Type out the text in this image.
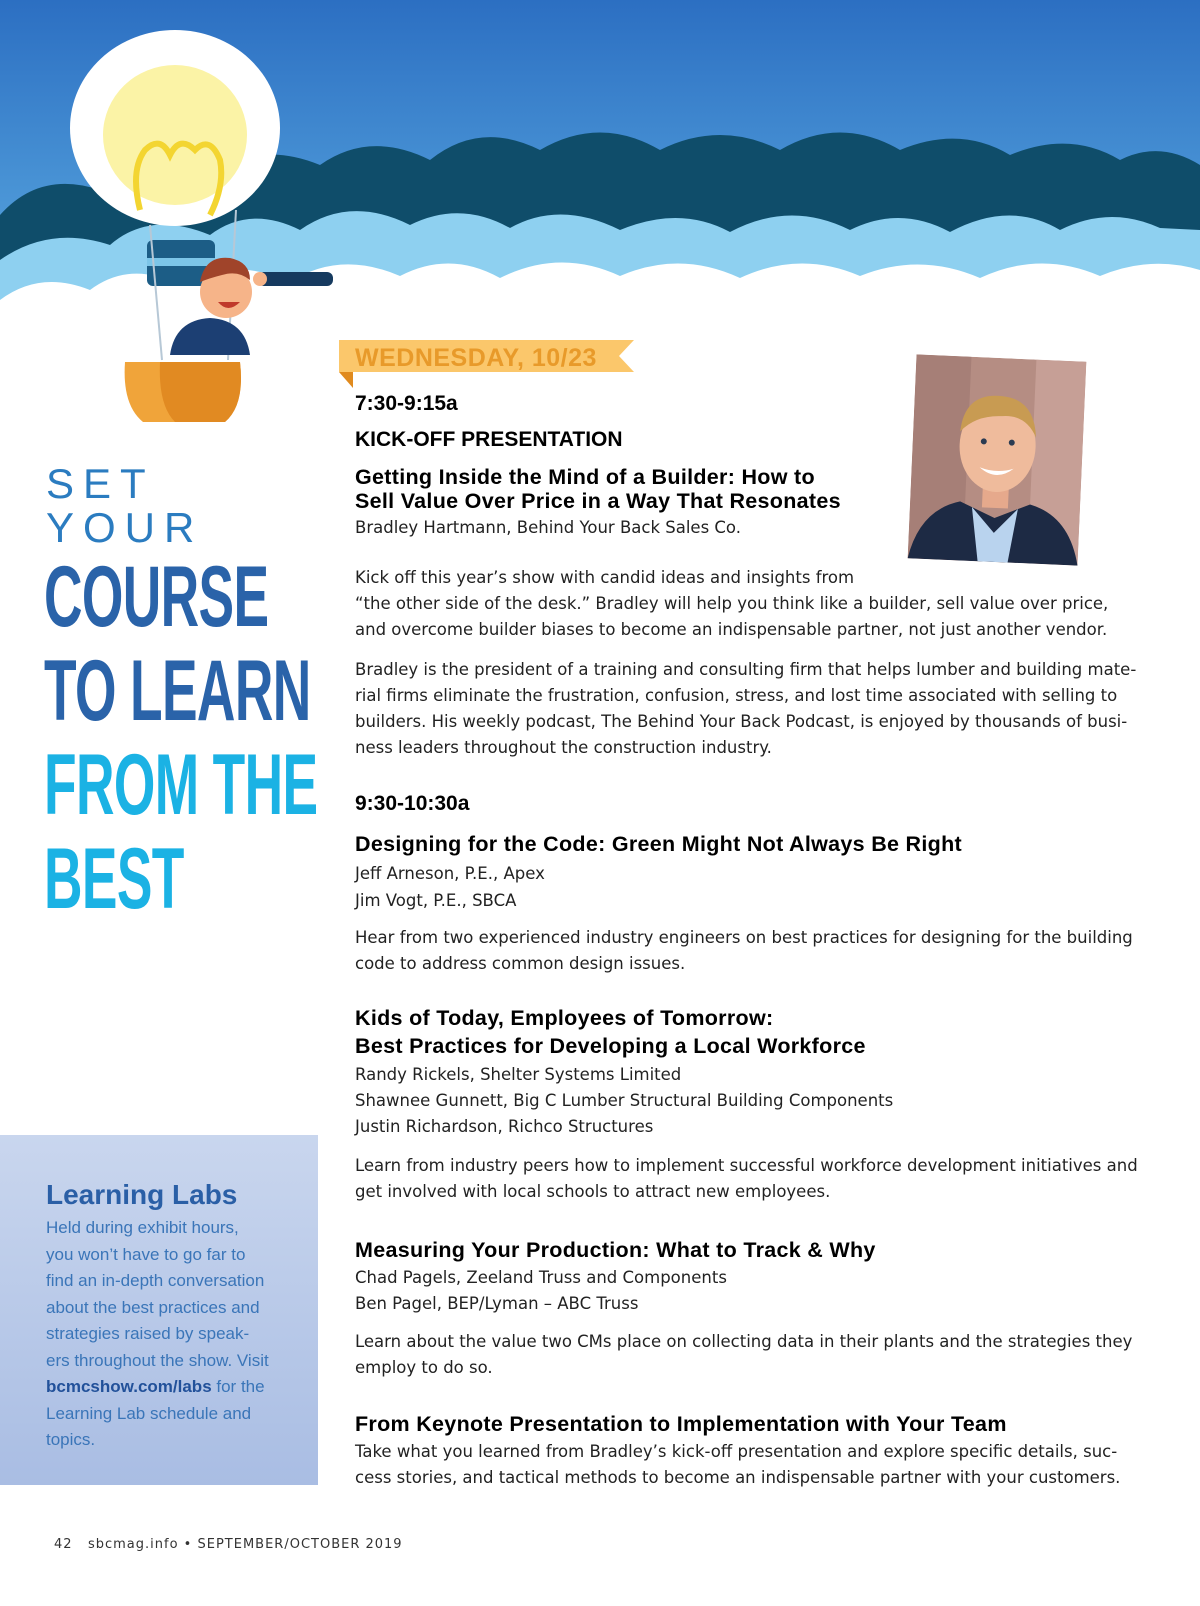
SET YOUR
COURSE
TO LEARN
FROM THE
BEST
Learning Labs
Held during exhibit hours,
you won’t have to go far to
find an in-depth conversation
about the best practices and
strategies raised by speak-
ers throughout the show. Visit
bcmcshow.com/labs for the
Learning Lab schedule and
topics.
42 sbcmag.info • SEPTEMBER/OCTOBER 2019
WEDNESDAY, 10/23
7:30-9:15a
KICK-OFF PRESENTATION
Getting Inside the Mind of a Builder: How to
Sell Value Over Price in a Way That Resonates
Bradley Hartmann, Behind Your Back Sales Co.
Kick off this year’s show with candid ideas and insights from
“the other side of the desk.” Bradley will help you think like a builder, sell value over price,
and overcome builder biases to become an indispensable partner, not just another vendor.
Bradley is the president of a training and consulting firm that helps lumber and building mate-
rial firms eliminate the frustration, confusion, stress, and lost time associated with selling to
builders. His weekly podcast, The Behind Your Back Podcast, is enjoyed by thousands of busi-
ness leaders throughout the construction industry.
9:30-10:30a
Designing for the Code: Green Might Not Always Be Right
Jeff Arneson, P.E., Apex
Jim Vogt, P.E., SBCA
Hear from two experienced industry engineers on best practices for designing for the building
code to address common design issues.
Kids of Today, Employees of Tomorrow:
Best Practices for Developing a Local Workforce
Randy Rickels, Shelter Systems Limited
Shawnee Gunnett, Big C Lumber Structural Building Components
Justin Richardson, Richco Structures
Learn from industry peers how to implement successful workforce development initiatives and
get involved with local schools to attract new employees.
Measuring Your Production: What to Track & Why
Chad Pagels, Zeeland Truss and Components
Ben Pagel, BEP/Lyman – ABC Truss
Learn about the value two CMs place on collecting data in their plants and the strategies they
employ to do so.
From Keynote Presentation to Implementation with Your Team
Take what you learned from Bradley’s kick-off presentation and explore specific details, suc-
cess stories, and tactical methods to become an indispensable partner with your customers.
